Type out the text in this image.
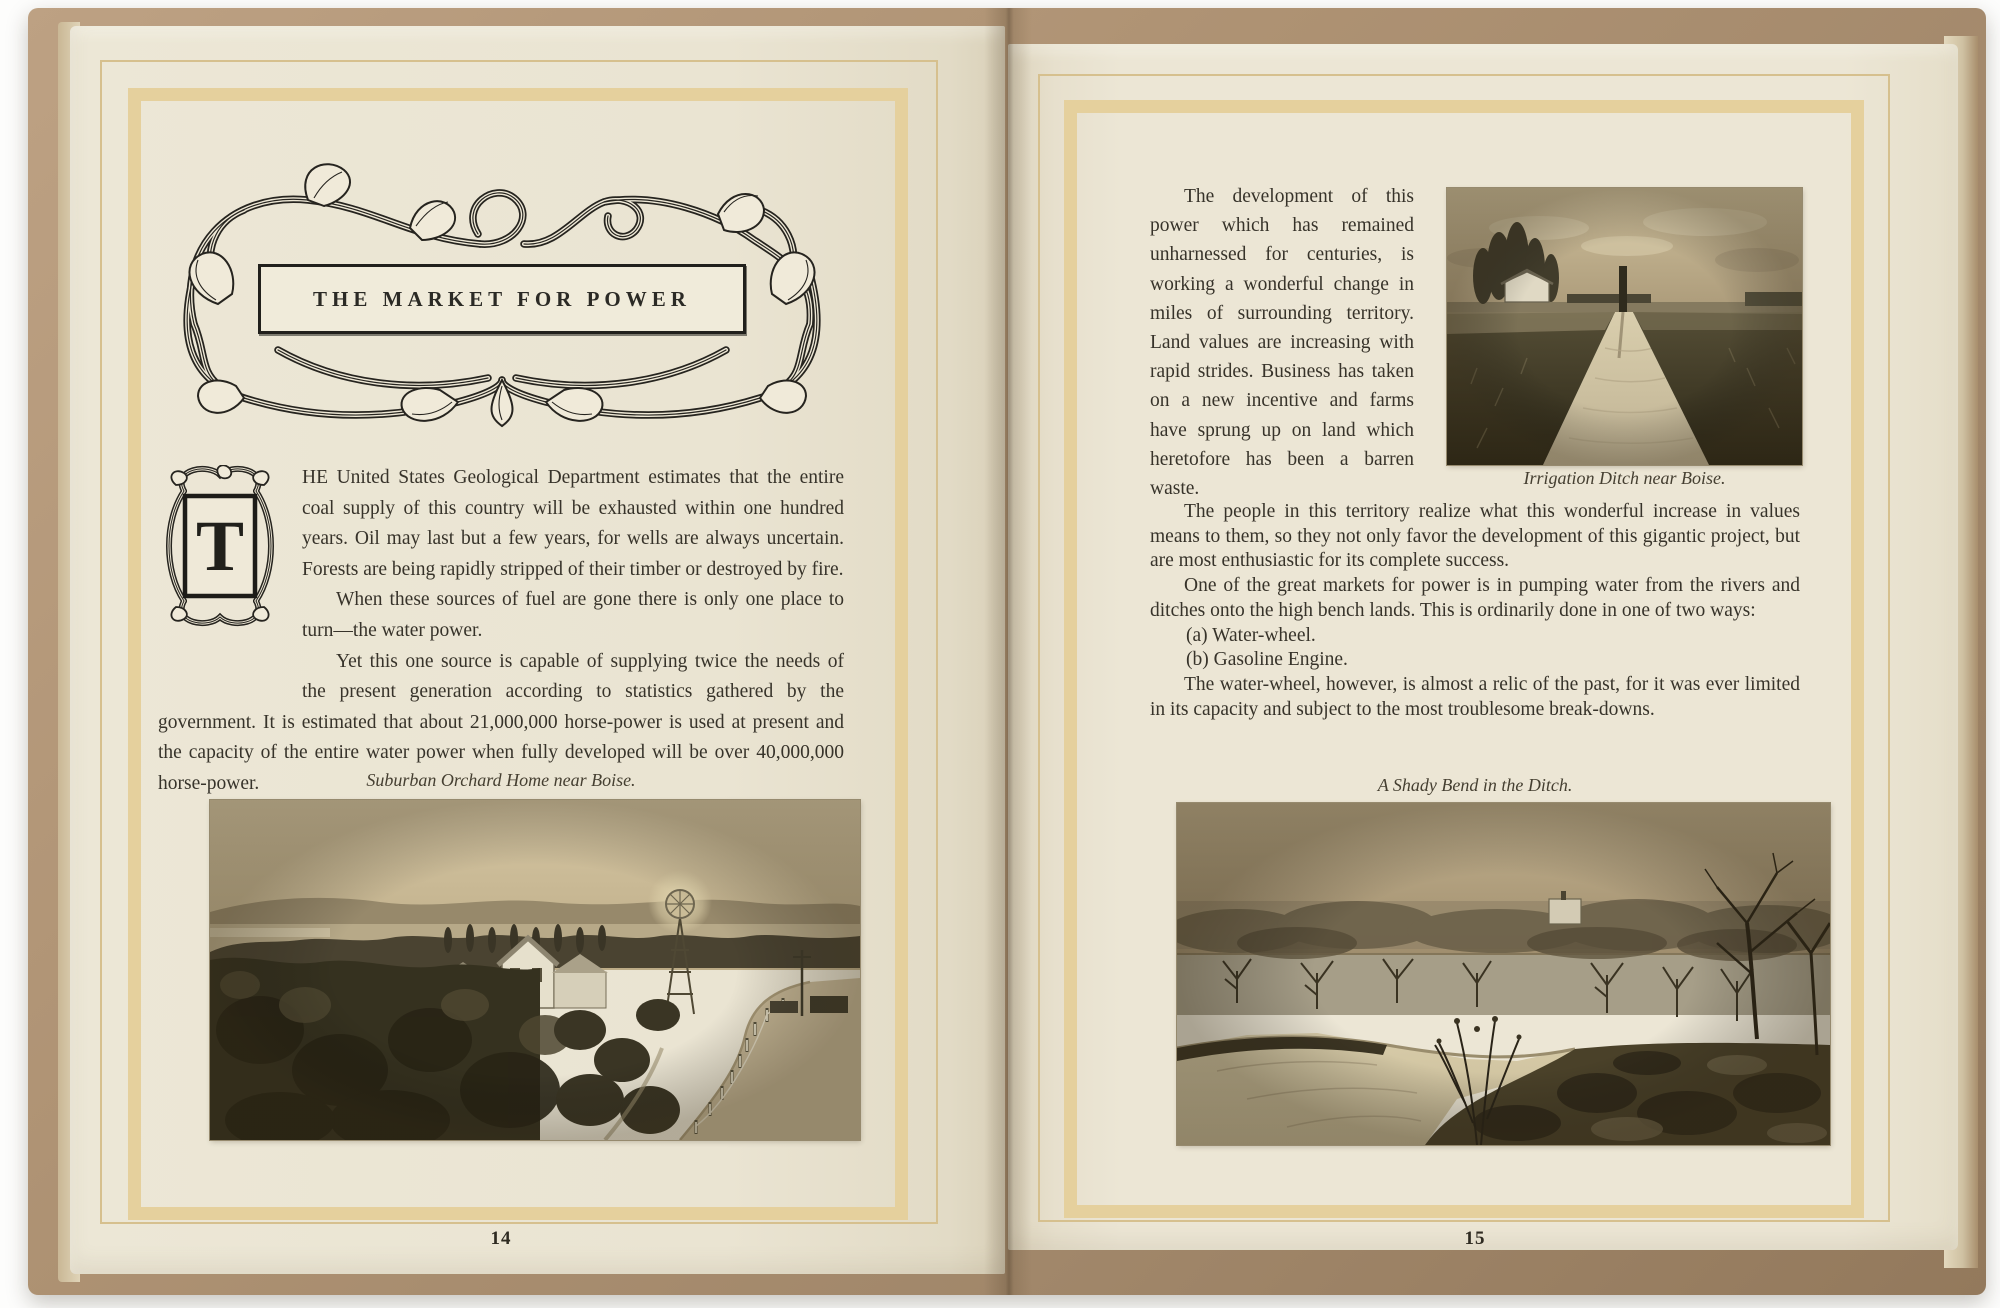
THE MARKET FOR POWER
T

HE United States Geological Department estimates that the entire coal supply of this country will be exhausted within one hundred years. Oil may last but a few years, for wells are always uncertain. Forests are being rapidly stripped of their timber or destroyed by fire.

When these sources of fuel are gone there is only one place to turn—the water power.

Yet this one source is capable of supplying twice the needs of the present generation according to statistics gathered by the government. It is estimated that about 21,000,000 horse-power is used at present and the capacity of the entire water power when fully developed will be over 40,000,000 horse-power.	Suburban Orchard Home near Boise.
14
The development of this power which has remained unharnessed for centuries, is working a wonderful change in miles of surrounding territory. Land values are increasing with rapid strides. Business has taken on a new incentive and farms have sprung up on land which heretofore has been a barren waste.
Irrigation Ditch near Boise.

The people in this territory realize what this wonderful increase in values means to them, so they not only favor the development of this gigantic project, but are most enthusiastic for its complete success.

One of the great markets for power is in pumping water from the rivers and ditches onto the high bench lands. This is ordinarily done in one of two ways:

(a) Water-wheel.
(b) Gasoline Engine.

The water-wheel, however, is almost a relic of the past, for it was ever limited in its capacity and subject to the most troublesome break-downs.

A Shady Bend in the Ditch.
15
